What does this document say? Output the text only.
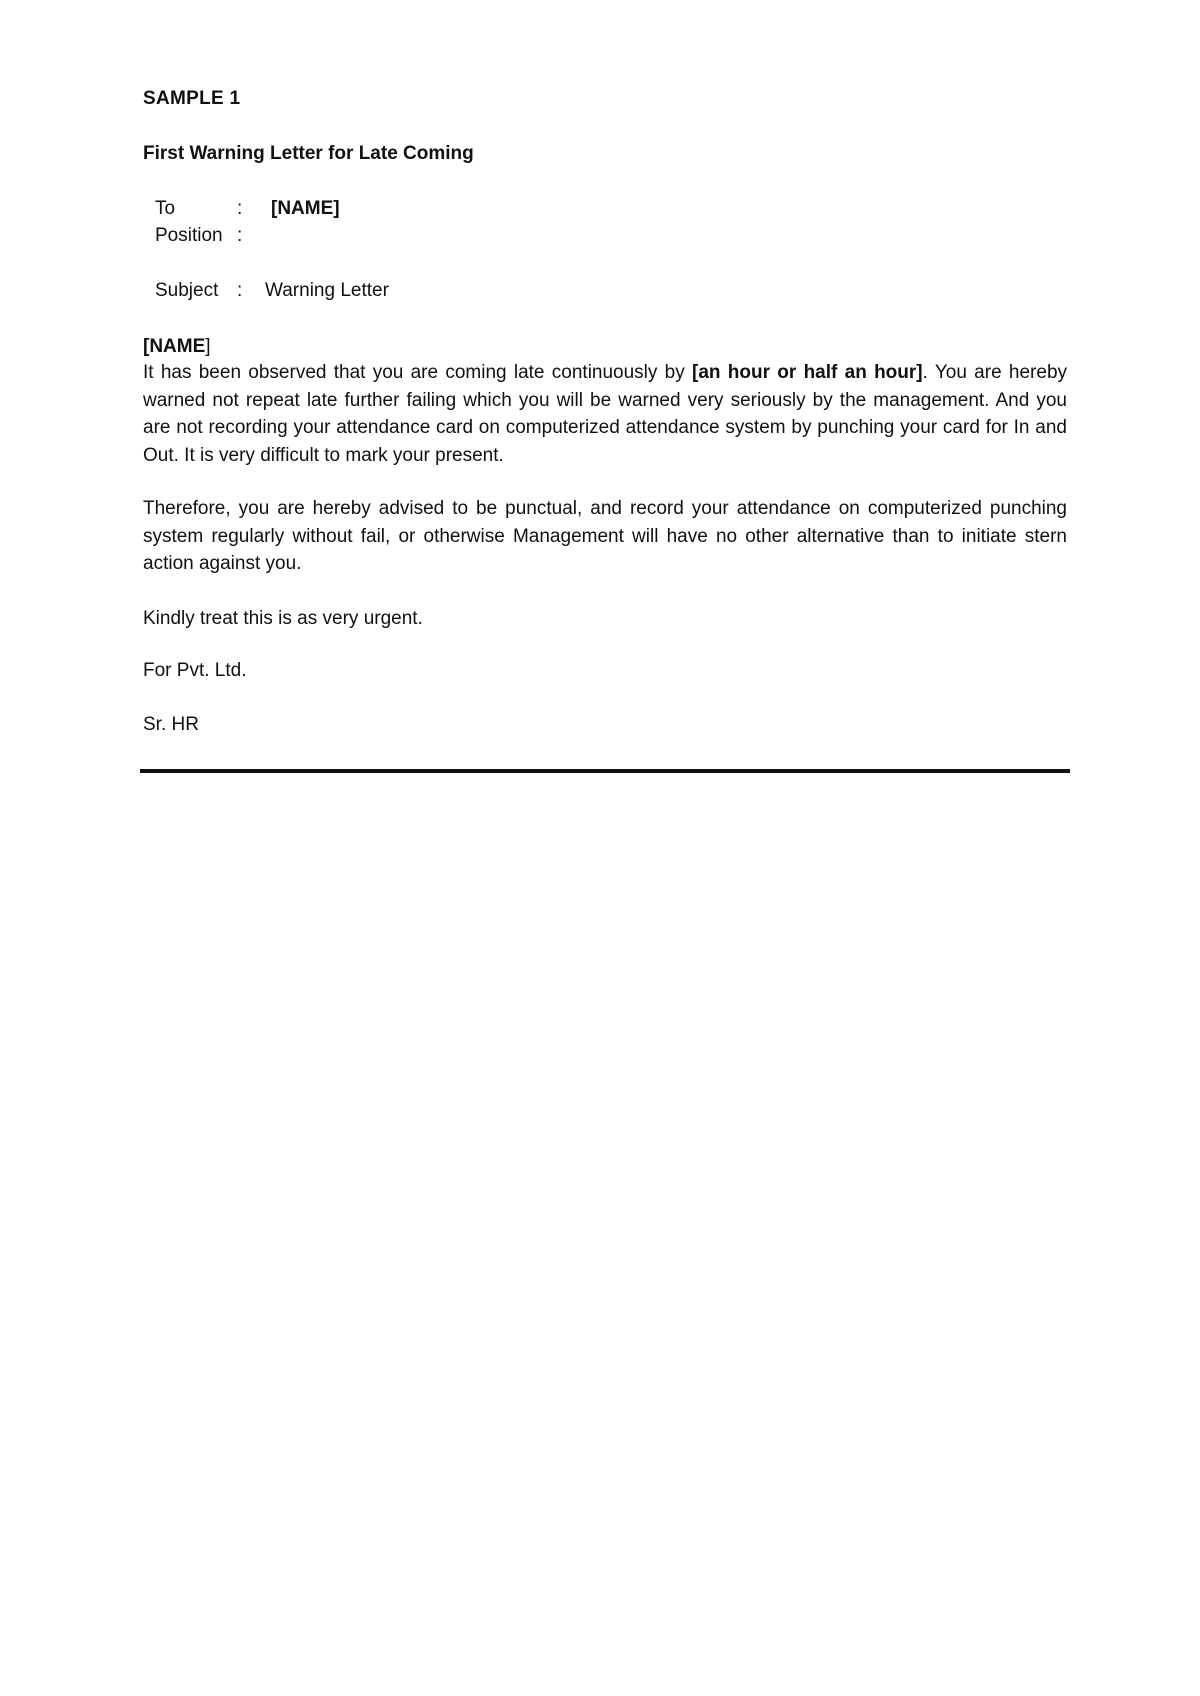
SAMPLE 1
First Warning Letter for Late Coming
To	: [NAME]
Position :
Subject : Warning Letter
[NAME]
It has been observed that you are coming late continuously by [an hour or half an hour]. You are hereby warned not repeat late further failing which you will be warned very seriously by the management. And you are not recording your attendance card on computerized attendance system by punching your card for In and Out. It is very difficult to mark your present.
Therefore, you are hereby advised to be punctual, and record your attendance on computerized punching system regularly without fail, or otherwise Management will have no other alternative than to initiate stern action against you.
Kindly treat this is as very urgent.
For Pvt. Ltd.
Sr. HR
